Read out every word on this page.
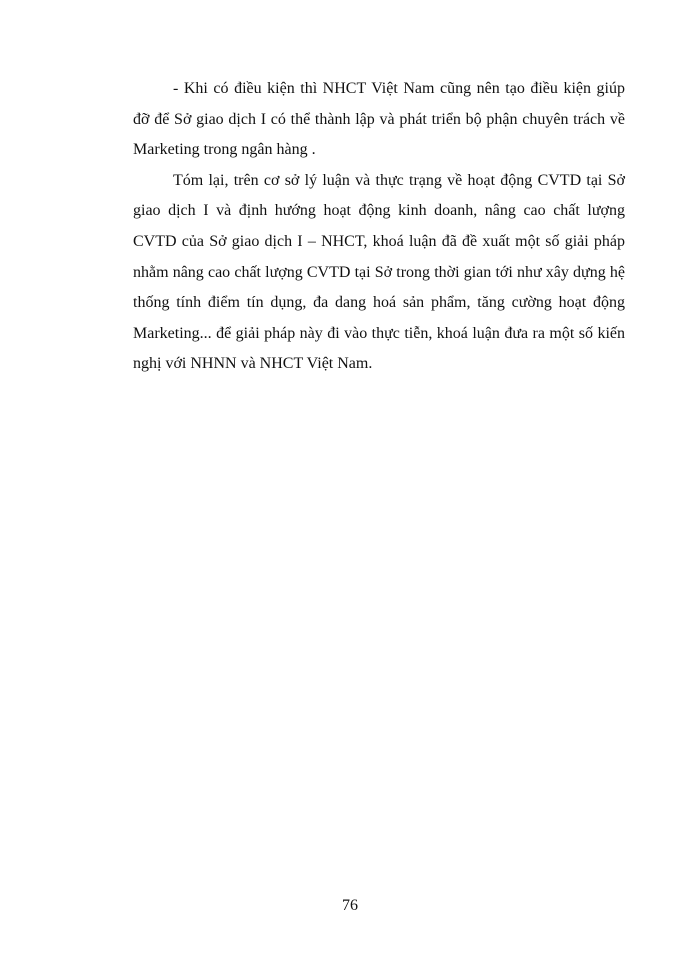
- Khi có điều kiện thì NHCT Việt Nam cũng nên tạo điều kiện giúp
đỡ để Sở giao dịch I có thể thành lập và phát triển bộ phận chuyên trách về
Marketing trong ngân hàng .

Tóm lại, trên cơ sở lý luận và thực trạng về hoạt động CVTD tại Sở
giao dịch I và định hướng hoạt động kinh doanh, nâng cao chất lượng
CVTD của Sở giao dịch I – NHCT, khoá luận đã đề xuất một số giải pháp
nhằm nâng cao chất lượng CVTD tại Sở trong thời gian tới như xây dựng hệ
thống tính điểm tín dụng, đa dang hoá sản phẩm, tăng cường hoạt động
Marketing... để giải pháp này đi vào thực tiễn, khoá luận đưa ra một số kiến
nghị với NHNN và NHCT Việt Nam.

76
